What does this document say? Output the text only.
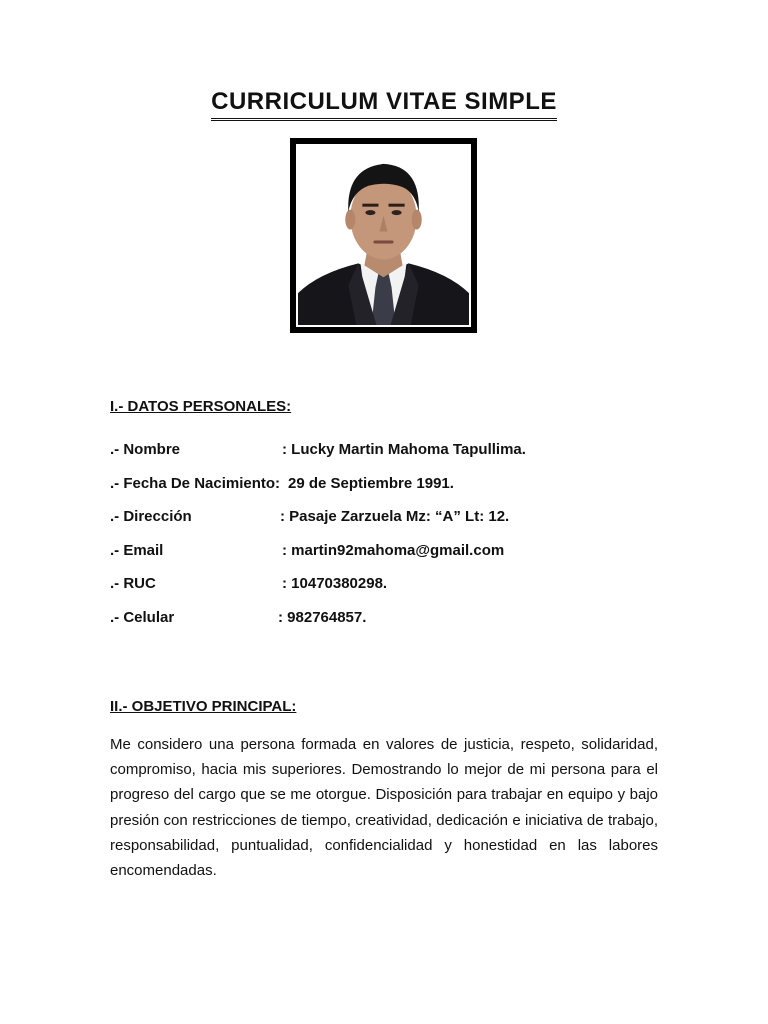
CURRICULUM VITAE SIMPLE
I.- DATOS PERSONALES:
.- Nombre	: Lucky Martin Mahoma Tapullima.
.- Fecha De Nacimiento: 29 de Septiembre 1991.
.- Dirección	: Pasaje Zarzuela Mz: “A” Lt: 12.
.- Email	: martin92mahoma@gmail.com
.- RUC	: 10470380298.
.- Celular	: 982764857.
II.- OBJETIVO PRINCIPAL:
Me considero una persona formada en valores de justicia, respeto, solidaridad, compromiso, hacia mis superiores. Demostrando lo mejor de mi persona para el progreso del cargo que se me otorgue. Disposición para trabajar en equipo y bajo presión con restricciones de tiempo, creatividad, dedicación e iniciativa de trabajo, responsabilidad, puntualidad, confidencialidad y honestidad en las labores encomendadas.
